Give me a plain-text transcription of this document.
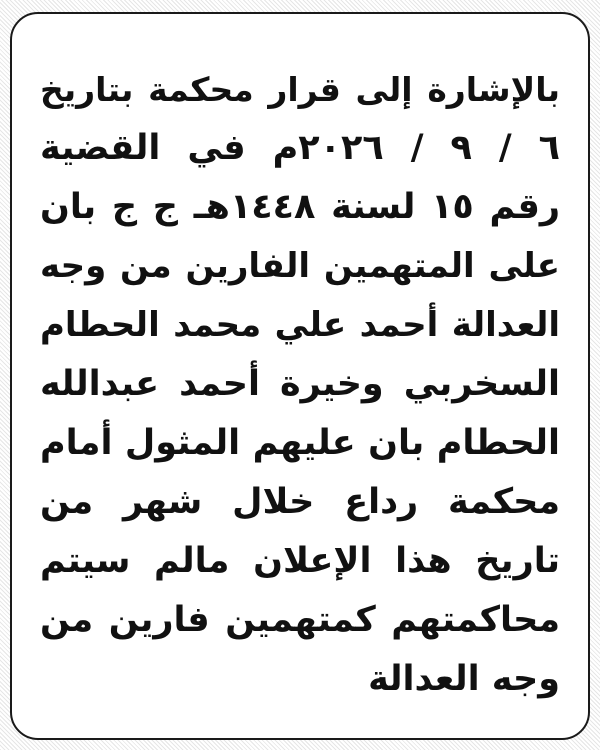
بالإشارة إلى قرار محكمة بتاريخ
٦ / ٩ / ٢٠٢٦م في القضية
رقم ١٥ لسنة ١٤٤٨هـ ج ج بان
على المتهمين الفارين من وجه
العدالة أحمد علي محمد الحطام
السخربي وخيرة أحمد عبدالله
الحطام بان عليهم المثول أمام
محكمة رداع خلال شهر من
تاريخ هذا الإعلان مالم سيتم
محاكمتهم كمتهمين فارين من
وجه العدالة
